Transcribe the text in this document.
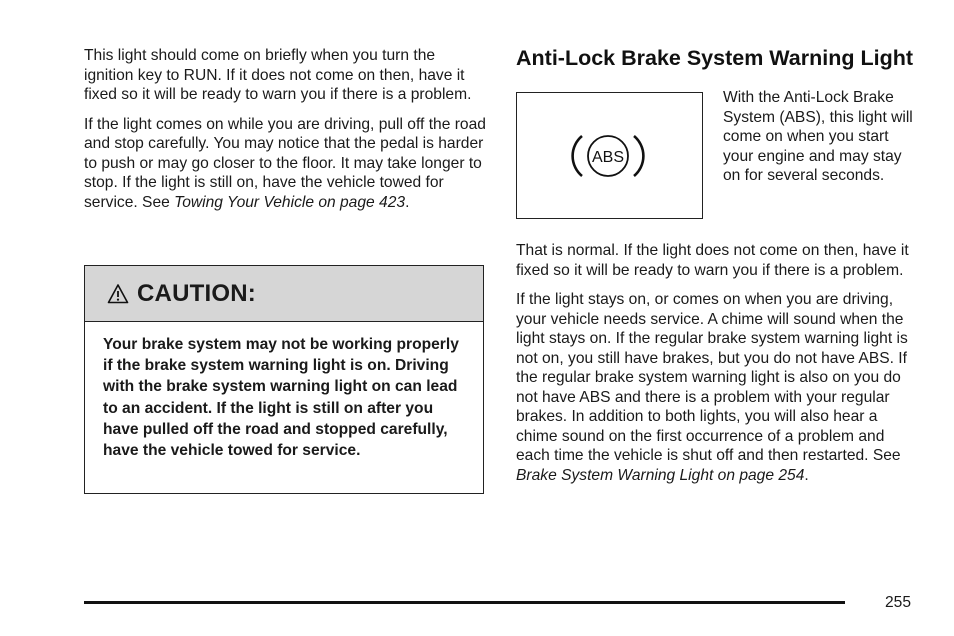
This light should come on briefly when you turn the ignition key to RUN. If it does not come on then, have it fixed so it will be ready to warn you if there is a problem.

If the light comes on while you are driving, pull off the road and stop carefully. You may notice that the pedal is harder to push or may go closer to the floor. It may take longer to stop. If the light is still on, have the vehicle towed for service. See Towing Your Vehicle on page 423.

CAUTION:
Your brake system may not be working properly if the brake system warning light is on. Driving with the brake system warning light on can lead to an accident. If the light is still on after you have pulled off the road and stopped carefully, have the vehicle towed for service.
Anti-Lock Brake System Warning Light
ABS
With the Anti-Lock Brake System (ABS), this light will come on when you start your engine and may stay on for several seconds.

That is normal. If the light does not come on then, have it fixed so it will be ready to warn you if there is a problem.

If the light stays on, or comes on when you are driving, your vehicle needs service. A chime will sound when the light stays on. If the regular brake system warning light is not on, you still have brakes, but you do not have ABS. If the regular brake system warning light is also on you do not have ABS and there is a problem with your regular brakes. In addition to both lights, you will also hear a chime sound on the first occurrence of a problem and each time the vehicle is shut off and then restarted. See Brake System Warning Light on page 254.

255
